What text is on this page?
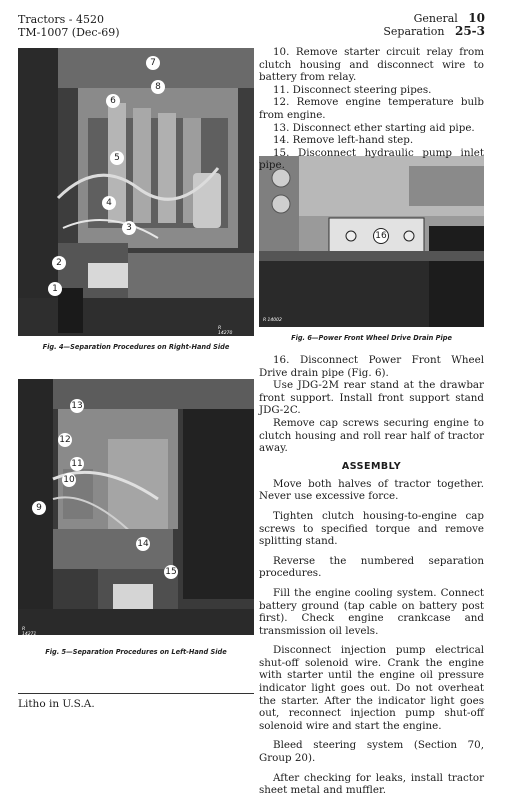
Tractors - 4520
TM-1007 (Dec-69)
General 10
Separation 25-3
7
8
6
5
4
3
2
1
R 14270
Fig. 4—Separation Procedures on Right-Hand Side
13
12
11
10
9
14
15
R 14271
Fig. 5—Separation Procedures on Left-Hand Side
16
R 14002
Fig. 6—Power Front Wheel Drive Drain Pipe

10. Remove starter circuit relay from clutch housing and disconnect wire to battery from relay.

11. Disconnect steering pipes.

12. Remove engine temperature bulb from engine.

13. Disconnect ether starting aid pipe.

14. Remove left-hand step.

15. Disconnect hydraulic pump inlet pipe.

16. Disconnect Power Front Wheel Drive drain pipe (Fig. 6).

Use JDG-2M rear stand at the drawbar front support. Install front support stand JDG-2C.

Remove cap screws securing engine to clutch housing and roll rear half of tractor away.

ASSEMBLY

Move both halves of tractor together. Never use excessive force.

Tighten clutch housing-to-engine cap screws to specified torque and remove splitting stand.

Reverse the numbered separation procedures.

Fill the engine cooling system. Connect battery ground (tap cable on battery post first). Check engine crankcase and transmission oil levels.

Disconnect injection pump electrical shut-off solenoid wire. Crank the engine with starter until the engine oil pressure indicator light goes out. Do not overheat the starter. After the indicator light goes out, reconnect injection pump shut-off solenoid wire and start the engine.

Bleed steering system (Section 70, Group 20).

After checking for leaks, install tractor sheet metal and muffler.

Litho in U.S.A.
